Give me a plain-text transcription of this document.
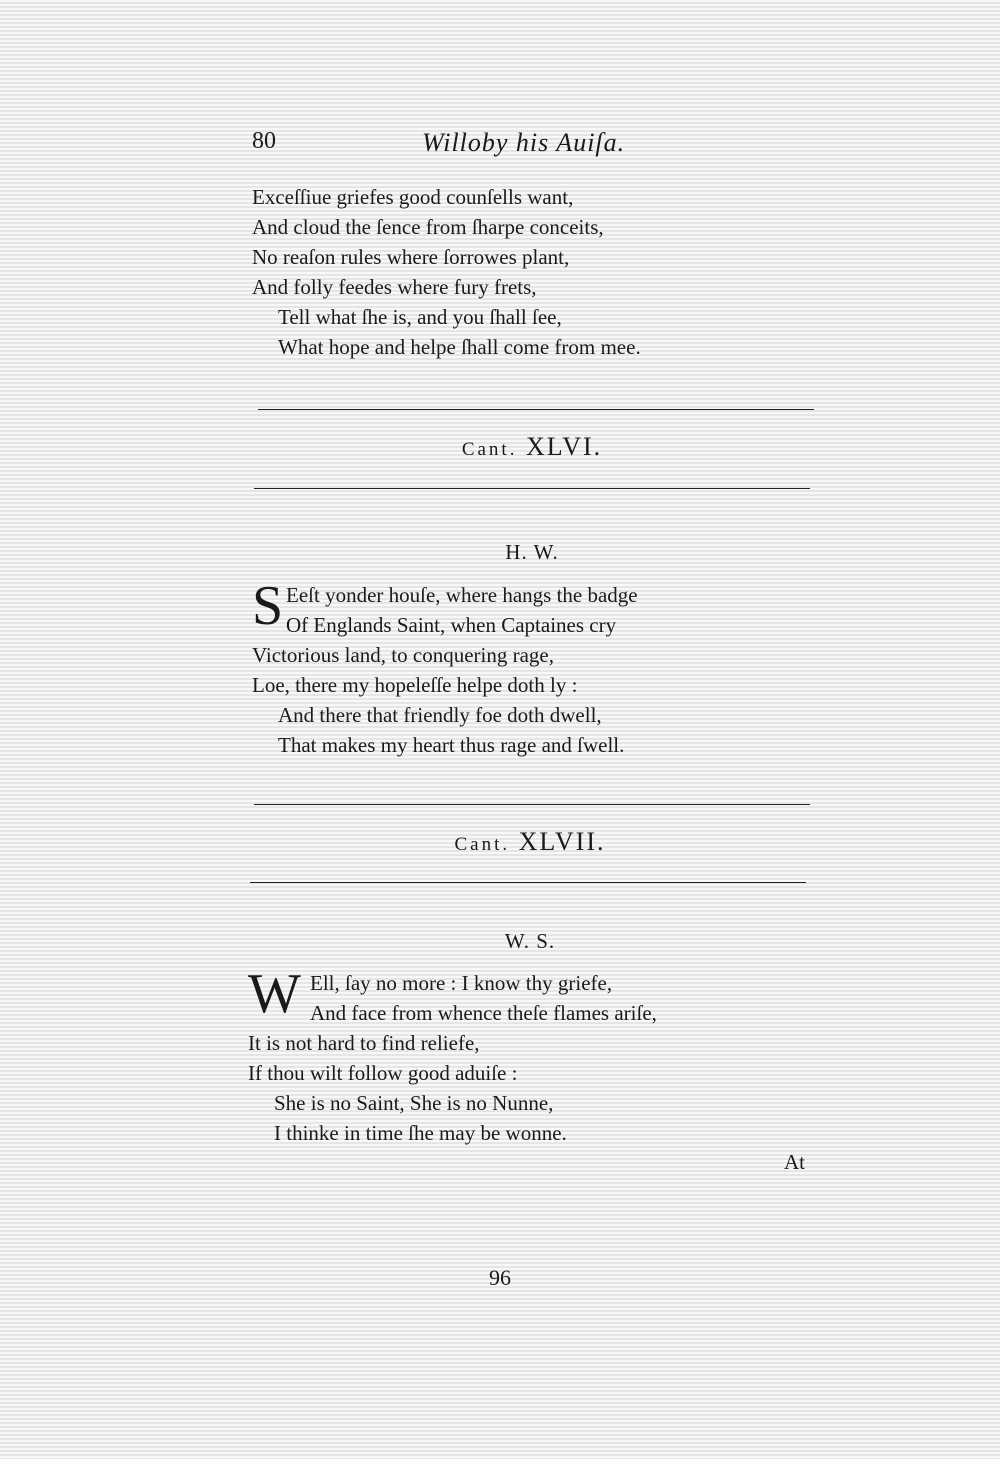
80	Willoby his Auiſa.
Exceſſiue griefes good counſells want,
And cloud the ſence from ſharpe conceits,
No reaſon rules where ſorrowes plant,
And folly feedes where fury frets,
Tell what ſhe is, and you ſhall ſee,
What hope and helpe ſhall come from mee.
Cant. XLVI.
H. W.
S Eeſt yonder houſe, where hangs the badge
Of Englands Saint, when Captaines cry
Victorious land, to conquering rage,
Loe, there my hopeleſſe helpe doth ly :
And there that friendly foe doth dwell,
That makes my heart thus rage and ſwell.
Cant. XLVII.
W. S.
W Ell, ſay no more : I know thy griefe,
And face from whence theſe flames ariſe,
It is not hard to find reliefe,
If thou wilt follow good aduiſe :
She is no Saint, She is no Nunne,
I thinke in time ſhe may be wonne.
At
96
